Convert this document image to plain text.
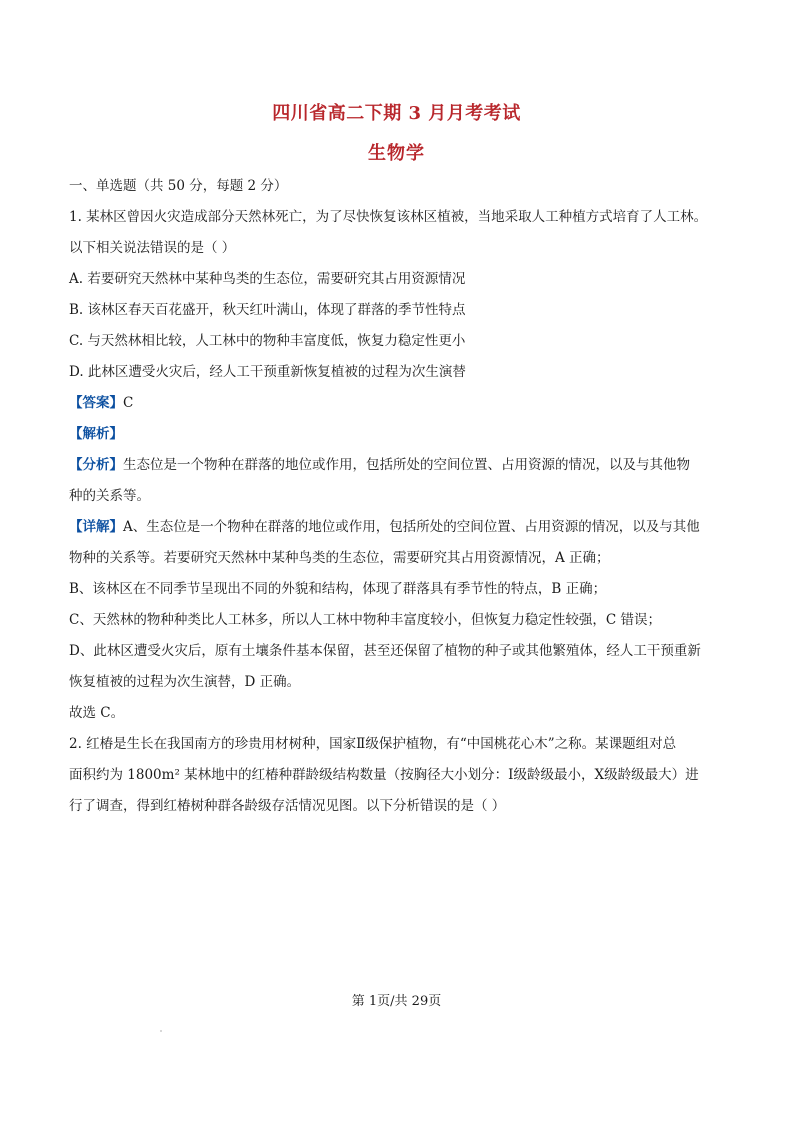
四川省高二下期 3 月月考考试
生物学
一、单选题（共 50 分，每题 2 分）
1. 某林区曾因火灾造成部分天然林死亡，为了尽快恢复该林区植被，当地采取人工种植方式培育了人工林。
以下相关说法错误的是（ ）
A. 若要研究天然林中某种鸟类的生态位，需要研究其占用资源情况
B. 该林区春天百花盛开，秋天红叶满山，体现了群落的季节性特点
C. 与天然林相比较，人工林中的物种丰富度低，恢复力稳定性更小
D. 此林区遭受火灾后，经人工干预重新恢复植被的过程为次生演替
【答案】C
【解析】
【分析】生态位是一个物种在群落的地位或作用，包括所处的空间位置、占用资源的情况，以及与其他物
种的关系等。
【详解】A、生态位是一个物种在群落的地位或作用，包括所处的空间位置、占用资源的情况，以及与其他
物种的关系等。若要研究天然林中某种鸟类的生态位，需要研究其占用资源情况，A 正确；
B、该林区在不同季节呈现出不同的外貌和结构，体现了群落具有季节性的特点，B 正确；
C、天然林的物种种类比人工林多，所以人工林中物种丰富度较小，但恢复力稳定性较强，C 错误；
D、此林区遭受火灾后，原有土壤条件基本保留，甚至还保留了植物的种子或其他繁殖体，经人工干预重新
恢复植被的过程为次生演替，D 正确。
故选 C。
2. 红椿是生长在我国南方的珍贵用材树种，国家Ⅱ级保护植物，有“中国桃花心木”之称。某课题组对总
面积约为 1800m² 某林地中的红椿种群龄级结构数量（按胸径大小划分：Ⅰ级龄级最小，Ⅹ级龄级最大）进
行了调查，得到红椿树种群各龄级存活情况见图。以下分析错误的是（ ）
第 1页/共 29页
